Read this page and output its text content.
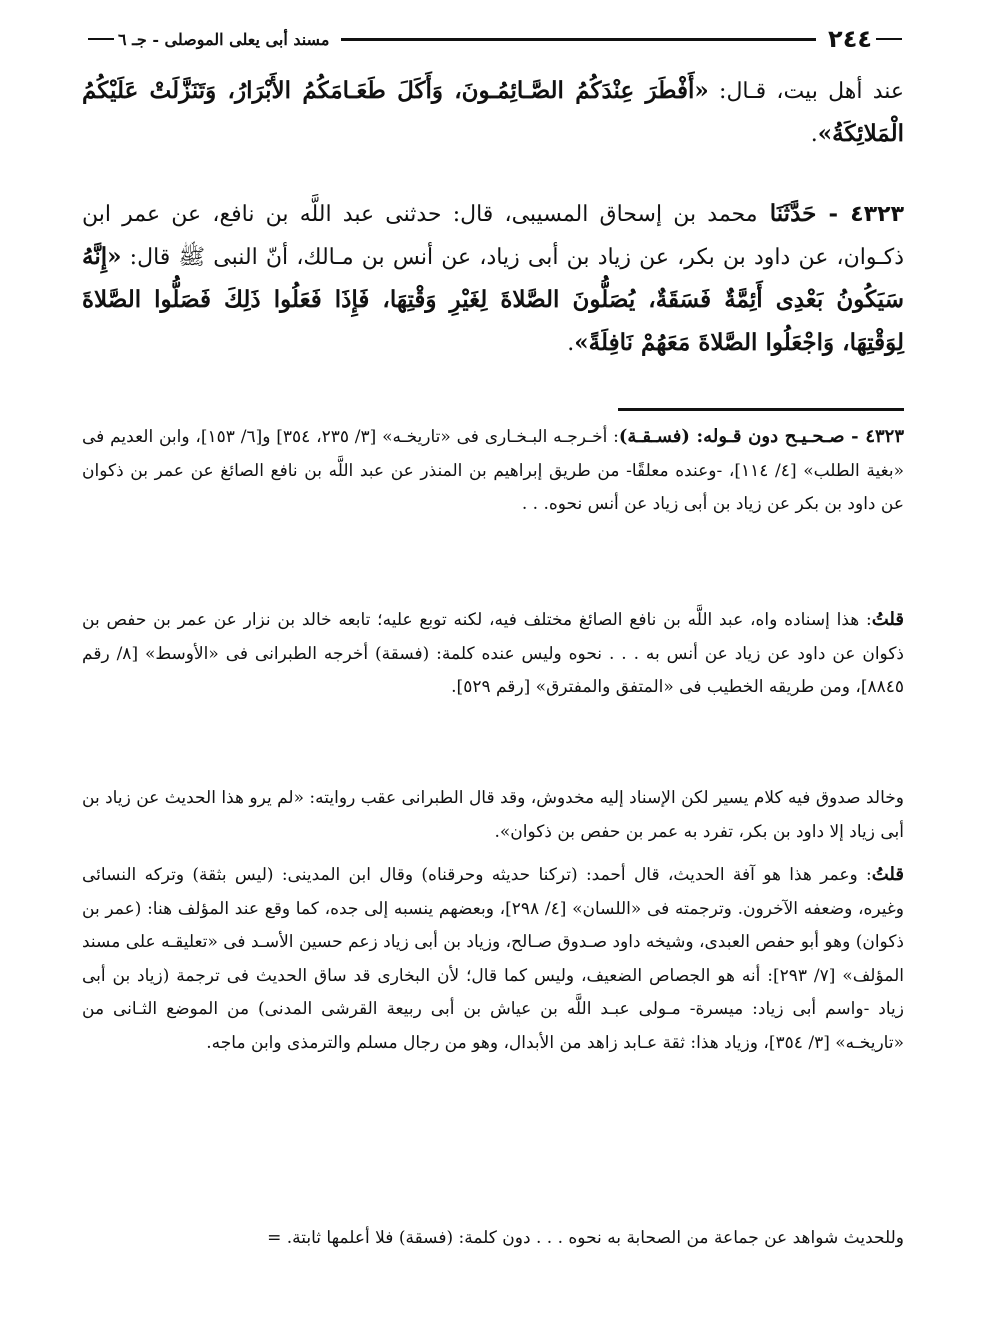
٢٤٤
مسند أبى يعلى الموصلى - جـ ٦
عند أهل بيت، قـال: «أَفْطَرَ عِنْدَكُمُ الصَّـائِمُـونَ، وَأَكَلَ طَعَـامَكُمُ الأَبْرَارُ، وَتَنَزَّلَتْ عَلَيْكُمُ الْمَلائِكَةُ».
٤٣٢٣ - حَدَّثَنَا محمد بن إسحاق المسيبى، قال: حدثنى عبد اللَّه بن نافع، عن عمر ابن ذكـوان، عن داود بن بكر، عن زياد بن أبى زياد، عن أنس بن مـالك، أنّ النبى ﷺ قال: «إِنَّهُ سَيَكُونُ بَعْدِى أَئِمَّةٌ فَسَقَةٌ، يُصَلُّونَ الصَّلاةَ لِغَيْرِ وَقْتِهَا، فَإِذَا فَعَلُوا ذَلِكَ فَصَلُّوا الصَّلاةَ لِوَقْتِهَا، وَاجْعَلُوا الصَّلاةَ مَعَهُمْ نَافِلَةً».
٤٣٢٣ - صـحـيـح دون قـوله: (فسـقـة): أخـرجـه البـخـارى فى «تاريخـه» [٣/ ٢٣٥، ٣٥٤] و[٦/ ١٥٣]، وابن العديم فى «بغية الطلب» [٤/ ١١٤]، -وعنده معلقًا- من طريق إبراهيم بن المنذر عن عبد اللَّه بن نافع الصائغ عن عمر بن ذكوان عن داود بن بكر عن زياد بن أبى زياد عن أنس نحوه. . .
قلتُ: هذا إسناده واه، عبد اللَّه بن نافع الصائغ مختلف فيه، لكنه توبع عليه؛ تابعه خالد بن نزار عن عمر بن حفص بن ذكوان عن داود عن زياد عن أنس به . . . نحوه وليس عنده كلمة: (فسقة) أخرجه الطبرانى فى «الأوسط» [٨/ رقم ٨٨٤٥]، ومن طريقه الخطيب فى «المتفق والمفترق» [رقم ٥٢٩].
وخالد صدوق فيه كلام يسير لكن الإسناد إليه مخدوش، وقد قال الطبرانى عقب روايته: «لم يرو هذا الحديث عن زياد بن أبى زياد إلا داود بن بكر، تفرد به عمر بن حفص بن ذكوان».
قلتُ: وعمر هذا هو آفة الحديث، قال أحمد: (تركنا حديثه وحرقناه) وقال ابن المدينى: (ليس بثقة) وتركه النسائى وغيره، وضعفه الآخرون. وترجمته فى «اللسان» [٤/ ٢٩٨]، وبعضهم ينسبه إلى جده، كما وقع عند المؤلف هنا: (عمر بن ذكوان) وهو أبو حفص العبدى، وشيخه داود صـدوق صـالح، وزياد بن أبى زياد زعم حسين الأسـد فى «تعليقـه على مسند المؤلف» [٧/ ٢٩٣]: أنه هو الجصاص الضعيف، وليس كما قال؛ لأن البخارى قد ساق الحديث فى ترجمة (زياد بن أبى زياد -واسم أبى زياد: ميسرة- مـولى عبـد اللَّه بن عياش بن أبى ربيعة القرشى المدنى) من الموضع الثـانى من «تاريخـه» [٣/ ٣٥٤]، وزياد هذا: ثقة عـابد زاهد من الأبدال، وهو من رجال مسلم والترمذى وابن ماجه.
وللحديث شواهد عن جماعة من الصحابة به نحوه . . . دون كلمة: (فسقة) فلا أعلمها ثابتة. =
